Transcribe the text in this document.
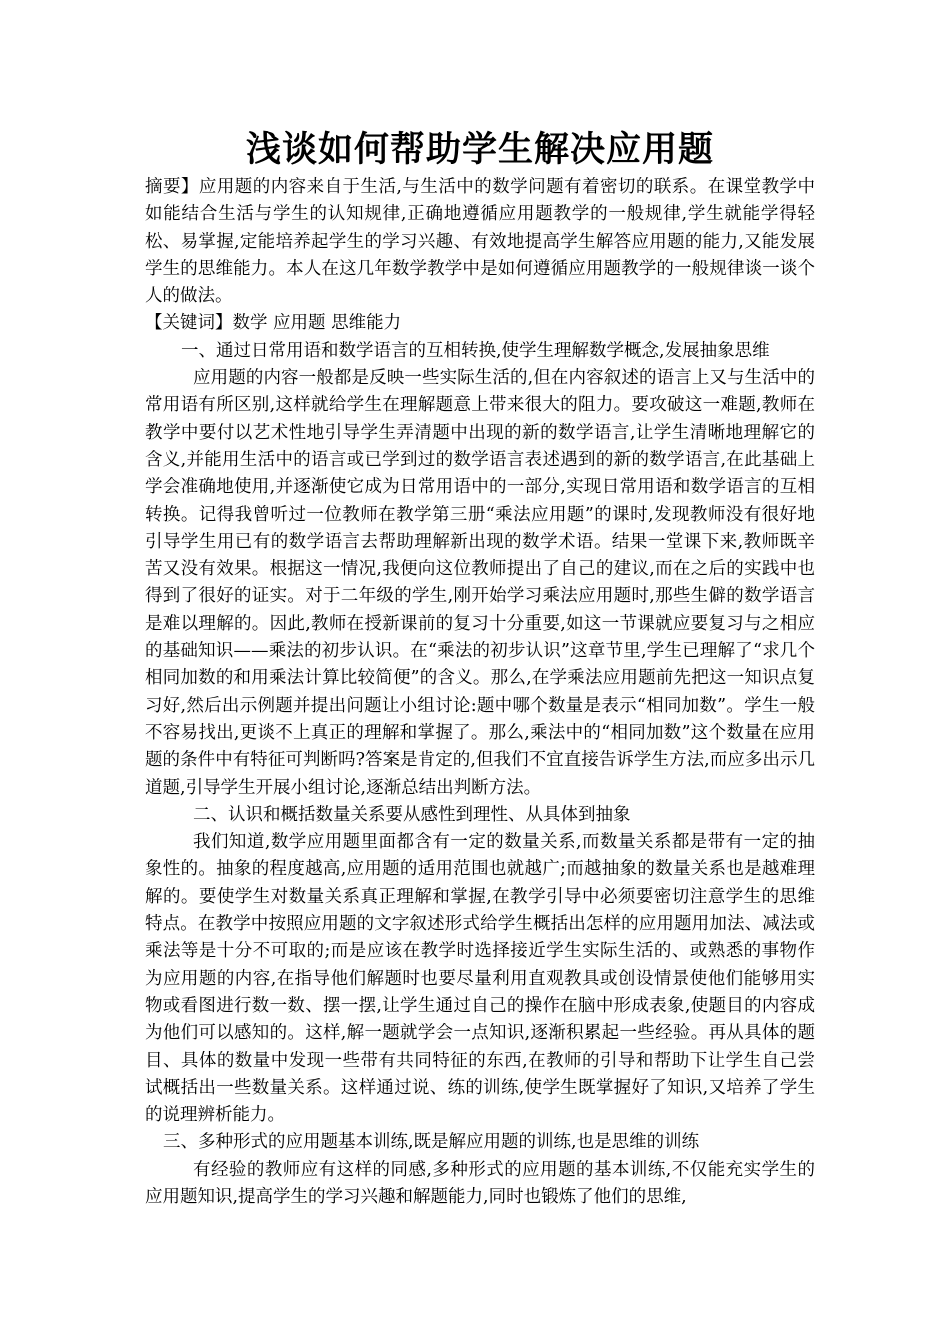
浅谈如何帮助学生解决应用题

摘要】应用题的内容来自于生活,与生活中的数学问题有着密切的联系。在课堂教学中如能结合生活与学生的认知规律,正确地遵循应用题教学的一般规律,学生就能学得轻松、易掌握,定能培养起学生的学习兴趣、有效地提高学生解答应用题的能力,又能发展学生的思维能力。本人在这几年数学教学中是如何遵循应用题教学的一般规律谈一谈个人的做法。

【关键词】数学 应用题 思维能力

一、通过日常用语和数学语言的互相转换,使学生理解数学概念,发展抽象思维

应用题的内容一般都是反映一些实际生活的,但在内容叙述的语言上又与生活中的常用语有所区别,这样就给学生在理解题意上带来很大的阻力。要攻破这一难题,教师在教学中要付以艺术性地引导学生弄清题中出现的新的数学语言,让学生清晰地理解它的含义,并能用生活中的语言或已学到过的数学语言表述遇到的新的数学语言,在此基础上学会准确地使用,并逐渐使它成为日常用语中的一部分,实现日常用语和数学语言的互相转换。记得我曾听过一位教师在教学第三册“乘法应用题”的课时,发现教师没有很好地引导学生用已有的数学语言去帮助理解新出现的数学术语。结果一堂课下来,教师既辛苦又没有效果。根据这一情况,我便向这位教师提出了自己的建议,而在之后的实践中也得到了很好的证实。对于二年级的学生,刚开始学习乘法应用题时,那些生僻的数学语言是难以理解的。因此,教师在授新课前的复习十分重要,如这一节课就应要复习与之相应的基础知识——乘法的初步认识。在“乘法的初步认识”这章节里,学生已理解了“求几个相同加数的和用乘法计算比较简便”的含义。那么,在学乘法应用题前先把这一知识点复习好,然后出示例题并提出问题让小组讨论:题中哪个数量是表示“相同加数”。学生一般不容易找出,更谈不上真正的理解和掌握了。那么,乘法中的“相同加数”这个数量在应用题的条件中有特征可判断吗?答案是肯定的,但我们不宜直接告诉学生方法,而应多出示几道题,引导学生开展小组讨论,逐渐总结出判断方法。

二、认识和概括数量关系要从感性到理性、从具体到抽象

我们知道,数学应用题里面都含有一定的数量关系,而数量关系都是带有一定的抽象性的。抽象的程度越高,应用题的适用范围也就越广;而越抽象的数量关系也是越难理解的。要使学生对数量关系真正理解和掌握,在教学引导中必须要密切注意学生的思维特点。在教学中按照应用题的文字叙述形式给学生概括出怎样的应用题用加法、减法或乘法等是十分不可取的;而是应该在教学时选择接近学生实际生活的、或熟悉的事物作为应用题的内容,在指导他们解题时也要尽量利用直观教具或创设情景使他们能够用实物或看图进行数一数、摆一摆,让学生通过自己的操作在脑中形成表象,使题目的内容成为他们可以感知的。这样,解一题就学会一点知识,逐渐积累起一些经验。再从具体的题目、具体的数量中发现一些带有共同特征的东西,在教师的引导和帮助下让学生自己尝试概括出一些数量关系。这样通过说、练的训练,使学生既掌握好了知识,又培养了学生的说理辨析能力。

三、多种形式的应用题基本训练,既是解应用题的训练,也是思维的训练

有经验的教师应有这样的同感,多种形式的应用题的基本训练,不仅能充实学生的应用题知识,提高学生的学习兴趣和解题能力,同时也锻炼了他们的思维,
